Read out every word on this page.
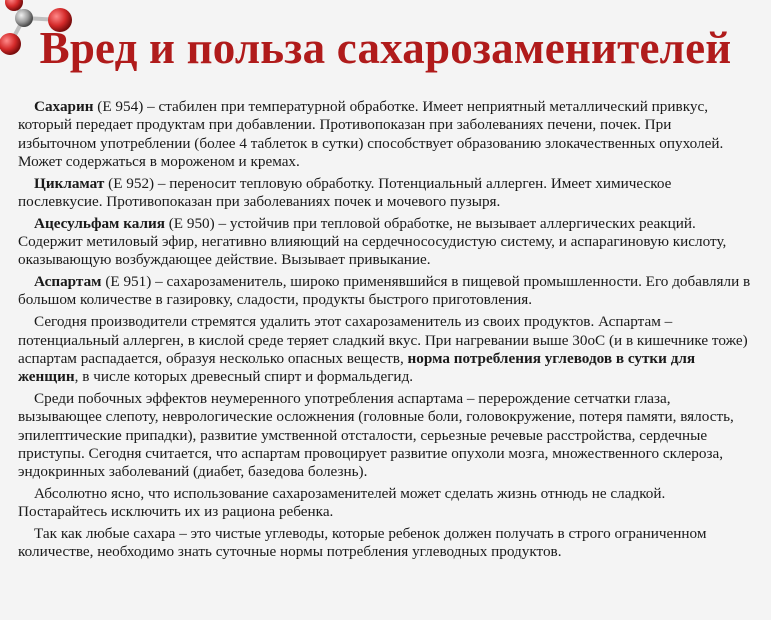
Вред и польза сахарозаменителей

Сахарин (Е 954) – стабилен при температурной обработке. Имеет неприятный металлический привкус, который передает продуктам при добавлении. Противопоказан при заболеваниях печени, почек. При избыточном употреблении (более 4 таблеток в сутки) способствует образованию злокачественных опухолей. Может содержаться в мороженом и кремах.

Цикламат (Е 952) – переносит тепловую обработку. Потенциальный аллерген. Имеет химическое послевкусие. Противопоказан при заболеваниях почек и мочевого пузыря.

Ацесульфам калия (Е 950) – устойчив при тепловой обработке, не вызывает аллергических реакций. Содержит метиловый эфир, негативно влияющий на сердечнососудистую систему, и аспарагиновую кислоту, оказывающую возбуждающее действие. Вызывает привыкание.

Аспартам (Е 951) – сахарозаменитель, широко применявшийся в пищевой промышленности. Его добавляли в большом количестве в газировку, сладости, продукты быстрого приготовления.

Сегодня производители стремятся удалить этот сахарозаменитель из своих продуктов. Аспартам – потенциальный аллерген, в кислой среде теряет сладкий вкус. При нагревании выше 30оС (и в кишечнике тоже) аспартам распадается, образуя несколько опасных веществ, норма потребления углеводов в сутки для женщин, в числе которых древесный спирт и формальдегид.

Среди побочных эффектов неумеренного употребления аспартама – перерождение сетчатки глаза, вызывающее слепоту, неврологические осложнения (головные боли, головокружение, потеря памяти, вялость, эпилептические припадки), развитие умственной отсталости, серьезные речевые расстройства, сердечные приступы. Сегодня считается, что аспартам провоцирует развитие опухоли мозга, множественного склероза, эндокринных заболеваний (диабет, базедова болезнь).

Абсолютно ясно, что использование сахарозаменителей может сделать жизнь отнюдь не сладкой. Постарайтесь исключить их из рациона ребенка.

Так как любые сахара – это чистые углеводы, которые ребенок должен получать в строго ограниченном количестве, необходимо знать суточные нормы потребления углеводных продуктов.
